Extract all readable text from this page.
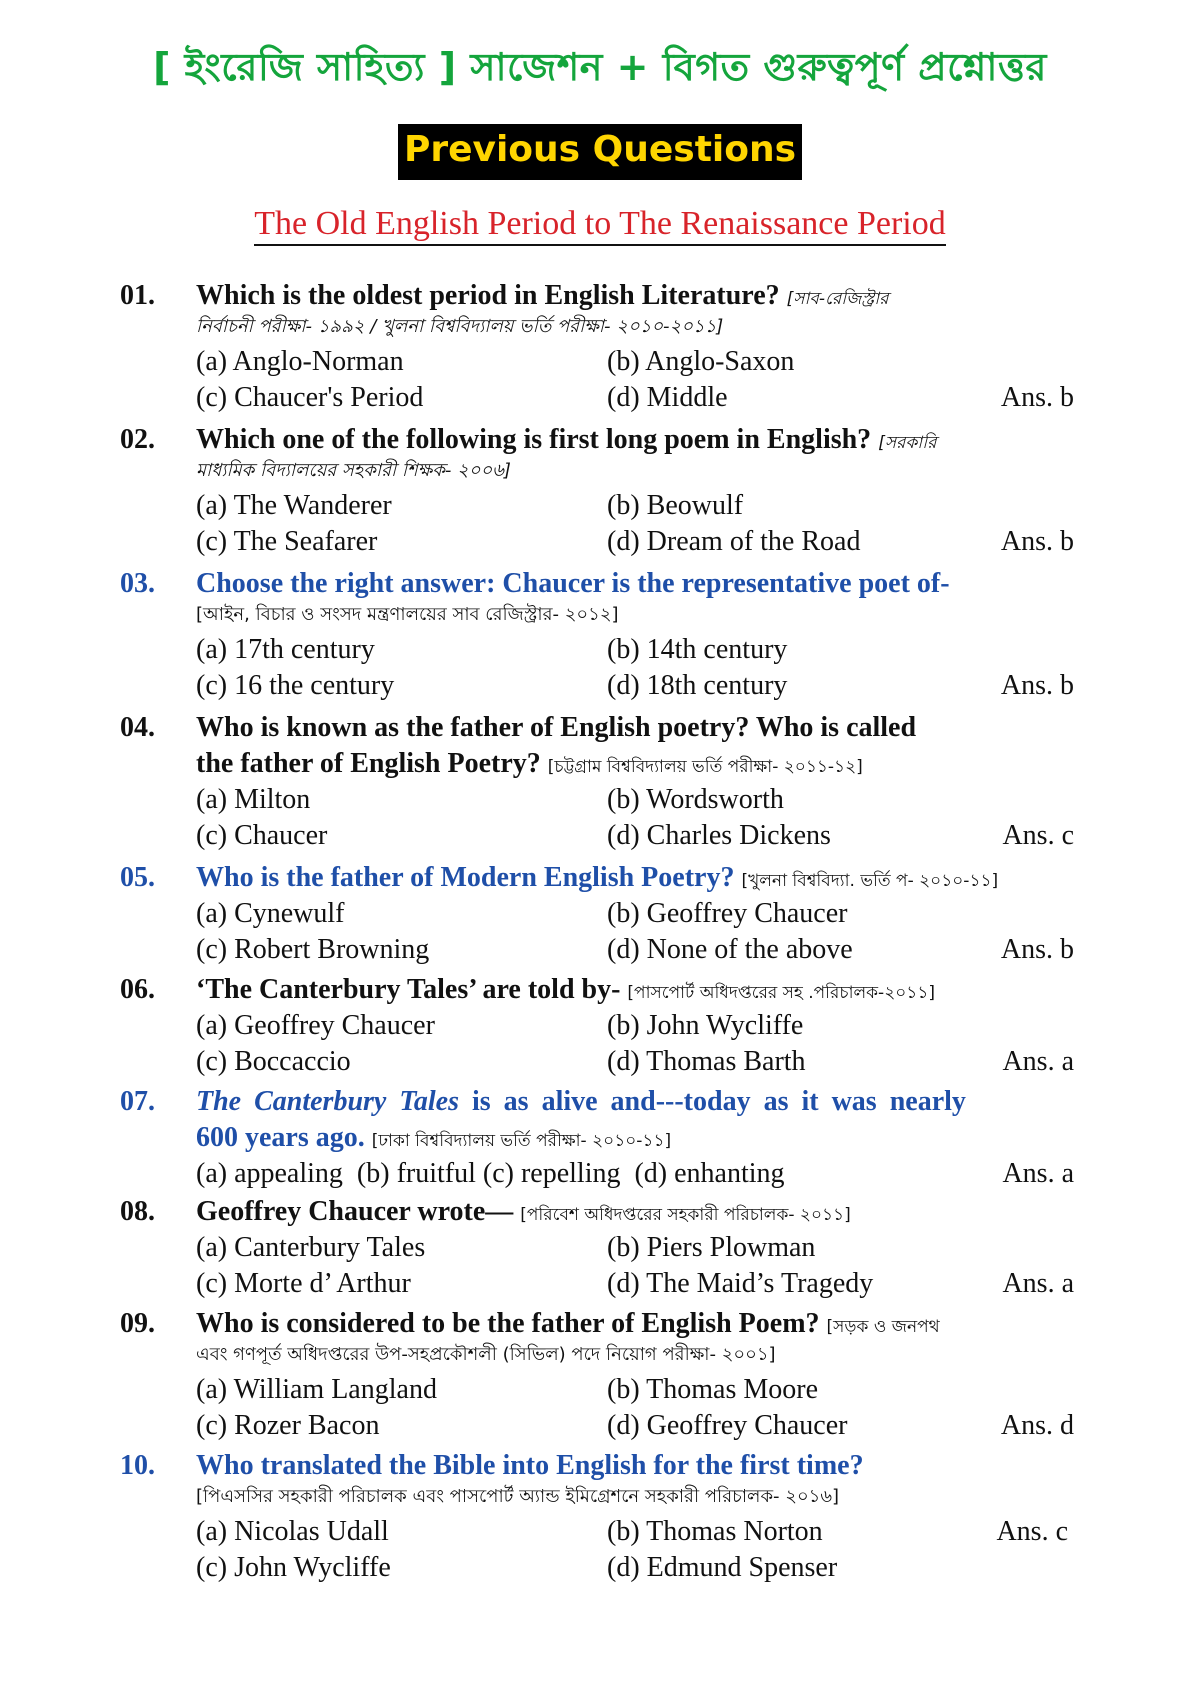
[ ইংরেজি সাহিত্য ] সাজেশন + বিগত গুরুত্বপূর্ণ প্রশ্নোত্তর
Previous Questions
The Old English Period to The Renaissance Period
01. Which is the oldest period in English Literature? [সাব-রেজিস্ট্রার
নির্বাচনী পরীক্ষা- ১৯৯২ / খুলনা বিশ্ববিদ্যালয় ভর্তি পরীক্ষা- ২০১০-২০১১]
(a) Anglo-Norman	(b) Anglo-Saxon
(c) Chaucer's Period	(d) Middle	Ans. b
02. Which one of the following is first long poem in English? [সরকারি
মাধ্যমিক বিদ্যালয়ের সহকারী শিক্ষক- ২০০৬]
(a) The Wanderer	(b) Beowulf
(c) The Seafarer	(d) Dream of the Road	Ans. b
03. Choose the right answer: Chaucer is the representative poet of-
[আইন, বিচার ও সংসদ মন্ত্রণালয়ের সাব রেজিস্ট্রার- ২০১২]
(a) 17th century	(b) 14th century
(c) 16 the century	(d) 18th century	Ans. b
04. Who is known as the father of English poetry? Who is called
the father of English Poetry? [চট্টগ্রাম বিশ্ববিদ্যালয় ভর্তি পরীক্ষা- ২০১১-১২]
(a) Milton	(b) Wordsworth
(c) Chaucer	(d) Charles Dickens	Ans. c
05. Who is the father of Modern English Poetry? [খুলনা বিশ্ববিদ্যা. ভর্তি প- ২০১০-১১]
(a) Cynewulf	(b) Geoffrey Chaucer
(c) Robert Browning	(d) None of the above	Ans. b
06. ‘The Canterbury Tales’ are told by- [পাসপোর্ট অধিদপ্তরের সহ .পরিচালক-২০১১]
(a) Geoffrey Chaucer	(b) John Wycliffe
(c) Boccaccio	(d) Thomas Barth	Ans. a
07. The Canterbury Tales is as alive and---today as it was nearly
600 years ago. [ঢাকা বিশ্ববিদ্যালয় ভর্তি পরীক্ষা- ২০১০-১১]
(a) appealing  (b) fruitful (c) repelling  (d) enhanting	Ans. a
08. Geoffrey Chaucer wrote— [পরিবেশ অধিদপ্তরের সহকারী পরিচালক- ২০১১]
(a) Canterbury Tales	(b) Piers Plowman
(c) Morte d’ Arthur	(d) The Maid’s Tragedy	Ans. a
09. Who is considered to be the father of English Poem? [সড়ক ও জনপথ
এবং গণপূর্ত অধিদপ্তরের উপ-সহপ্রকৌশলী (সিভিল) পদে নিয়োগ পরীক্ষা- ২০০১]
(a) William Langland	(b) Thomas Moore
(c) Rozer Bacon	(d) Geoffrey Chaucer	Ans. d
10. Who translated the Bible into English for the first time?
[পিএসসির সহকারী পরিচালক এবং পাসপোর্ট অ্যান্ড ইমিগ্রেশনে সহকারী পরিচালক- ২০১৬]
(a) Nicolas Udall	(b) Thomas Norton	Ans. c
(c) John Wycliffe	(d) Edmund Spenser
